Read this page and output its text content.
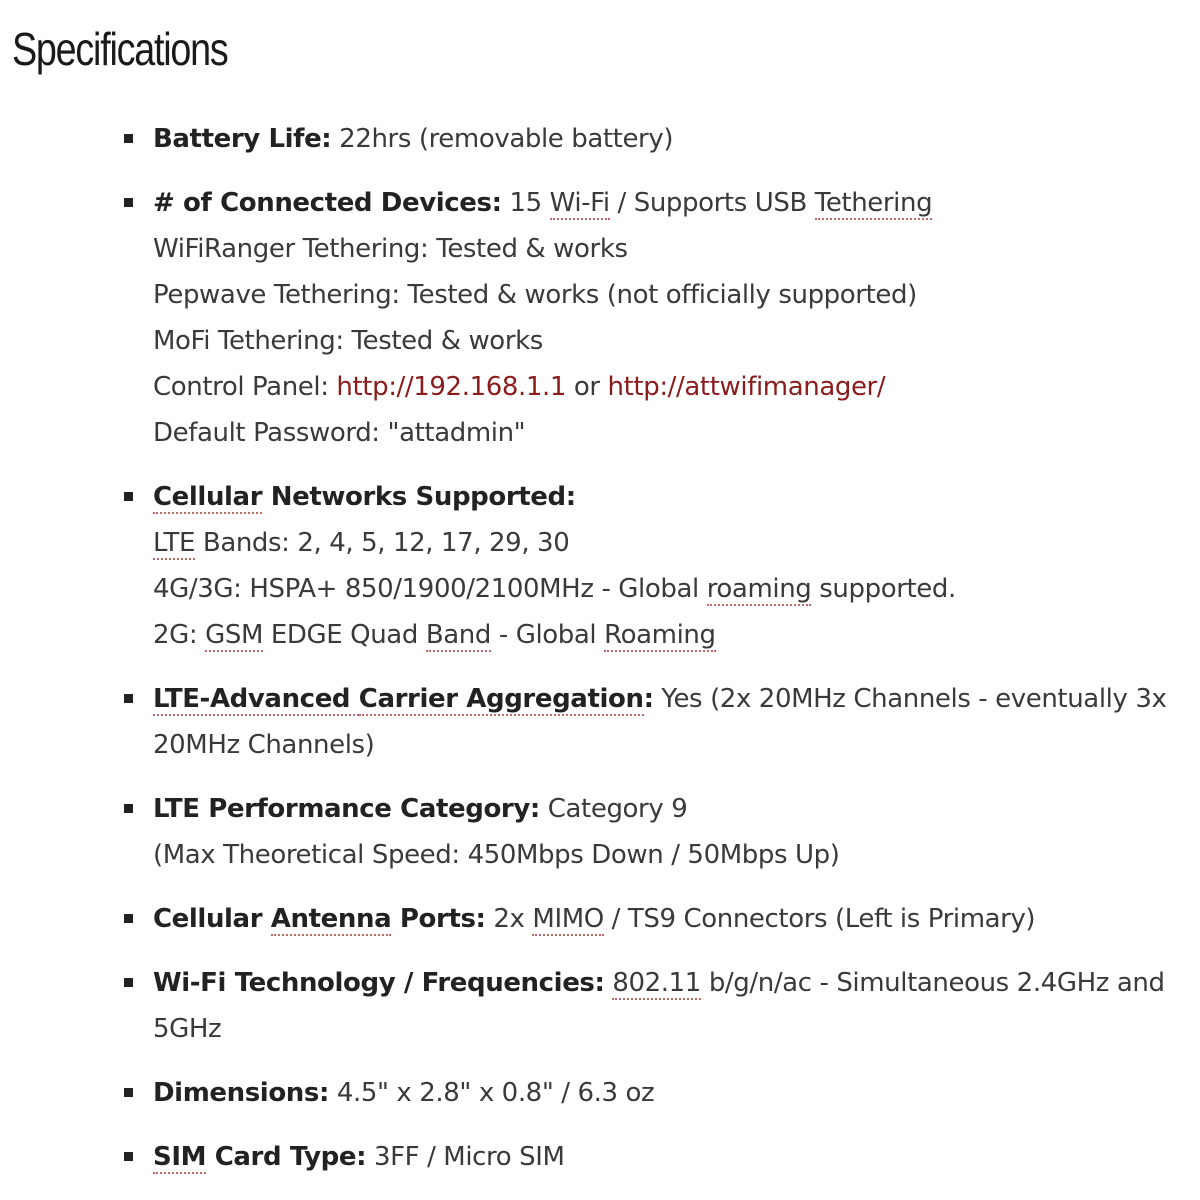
Specifications
Battery Life: 22hrs (removable battery)
# of Connected Devices: 15 Wi-Fi / Supports USB Tethering
WiFiRanger Tethering: Tested & works
Pepwave Tethering: Tested & works (not officially supported)
MoFi Tethering: Tested & works
Control Panel: http://192.168.1.1 or http://attwifimanager/
Default Password: "attadmin"
Cellular Networks Supported:
LTE Bands: 2, 4, 5, 12, 17, 29, 30
4G/3G: HSPA+ 850/1900/2100MHz - Global roaming supported.
2G: GSM EDGE Quad Band - Global Roaming
LTE-Advanced Carrier Aggregation: Yes (2x 20MHz Channels - eventually 3x 20MHz Channels)
LTE Performance Category: Category 9
(Max Theoretical Speed: 450Mbps Down / 50Mbps Up)
Cellular Antenna Ports: 2x MIMO / TS9 Connectors (Left is Primary)
Wi-Fi Technology / Frequencies: 802.11 b/g/n/ac - Simultaneous 2.4GHz and 5GHz
Dimensions: 4.5" x 2.8" x 0.8" / 6.3 oz
SIM Card Type: 3FF / Micro SIM
